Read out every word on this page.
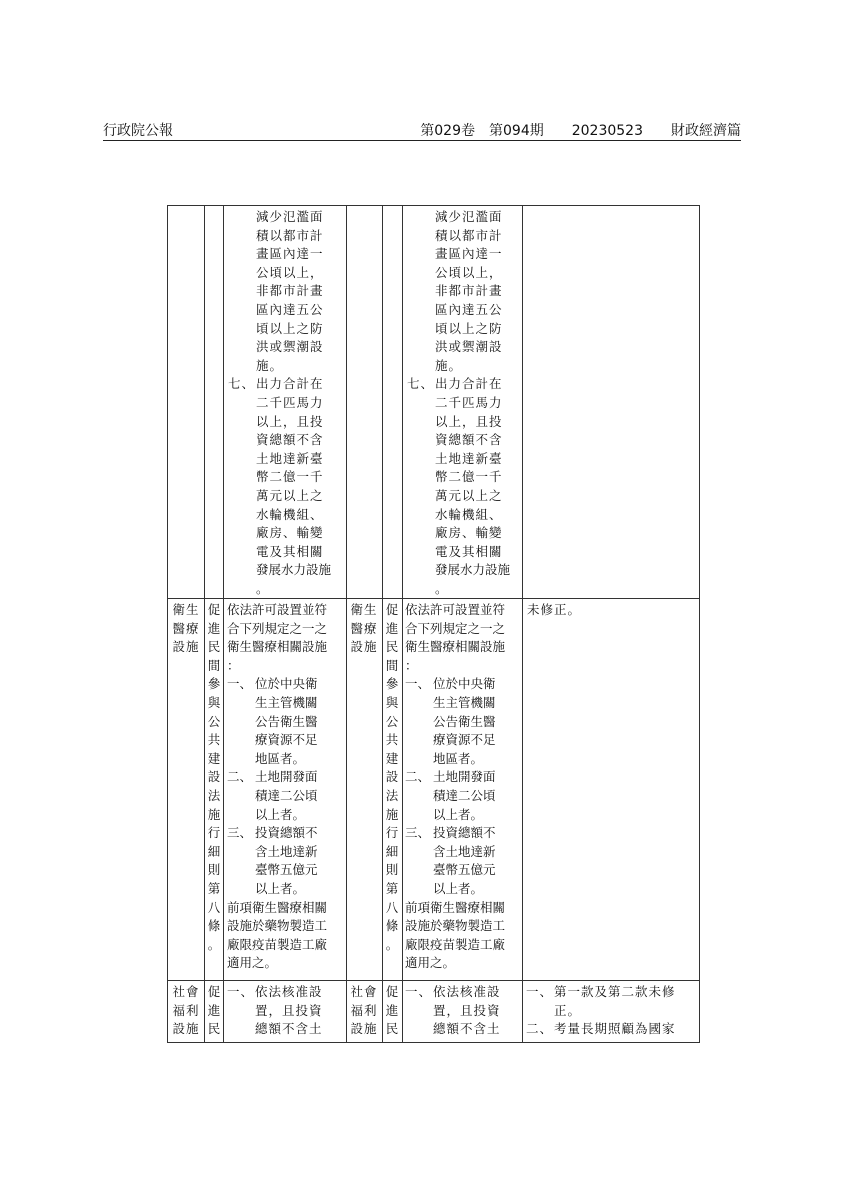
行政院公報	第029卷 第094期 20230523 財政經濟篇
減少氾濫面
積以都市計
畫區內達一
公頃以上，
非都市計畫
區內達五公
頃以上之防
洪或禦潮設
施。
七、出力合計在
二千匹馬力
以上，且投
資總額不含
土地達新臺
幣二億一千
萬元以上之
水輪機組、
廠房、輸變
電及其相關
發展水力設施
。
減少氾濫面
積以都市計
畫區內達一
公頃以上，
非都市計畫
區內達五公
頃以上之防
洪或禦潮設
施。
七、出力合計在
二千匹馬力
以上，且投
資總額不含
土地達新臺
幣二億一千
萬元以上之
水輪機組、
廠房、輸變
電及其相關
發展水力設施
。
衛生醫療設施
促
進
民
間
參
與
公
共
建
設
法
施
行
細
則
第
八
條
。
依法許可設置並符
合下列規定之一之
衛生醫療相關設施
：
一、 位於中央衛
生主管機關
公告衛生醫
療資源不足
地區者。
二、 土地開發面
積達二公頃
以上者。
三、 投資總額不
含土地達新
臺幣五億元
以上者。
前項衛生醫療相關
設施於藥物製造工
廠限疫苗製造工廠
適用之。
衛生醫療設施
促
進
民
間
參
與
公
共
建
設
法
施
行
細
則
第
八
條
。
依法許可設置並符
合下列規定之一之
衛生醫療相關設施
：
一、 位於中央衛
生主管機關
公告衛生醫
療資源不足
地區者。
二、 土地開發面
積達二公頃
以上者。
三、 投資總額不
含土地達新
臺幣五億元
以上者。
前項衛生醫療相關
設施於藥物製造工
廠限疫苗製造工廠
適用之。
未修正。
社會福利設施
促
進
民
一、依法核准設
置，且投資
總額不含土
社會福利設施
促
進
民
一、依法核准設
置，且投資
總額不含土
一、第一款及第二款未修
正。
二、考量長期照顧為國家
